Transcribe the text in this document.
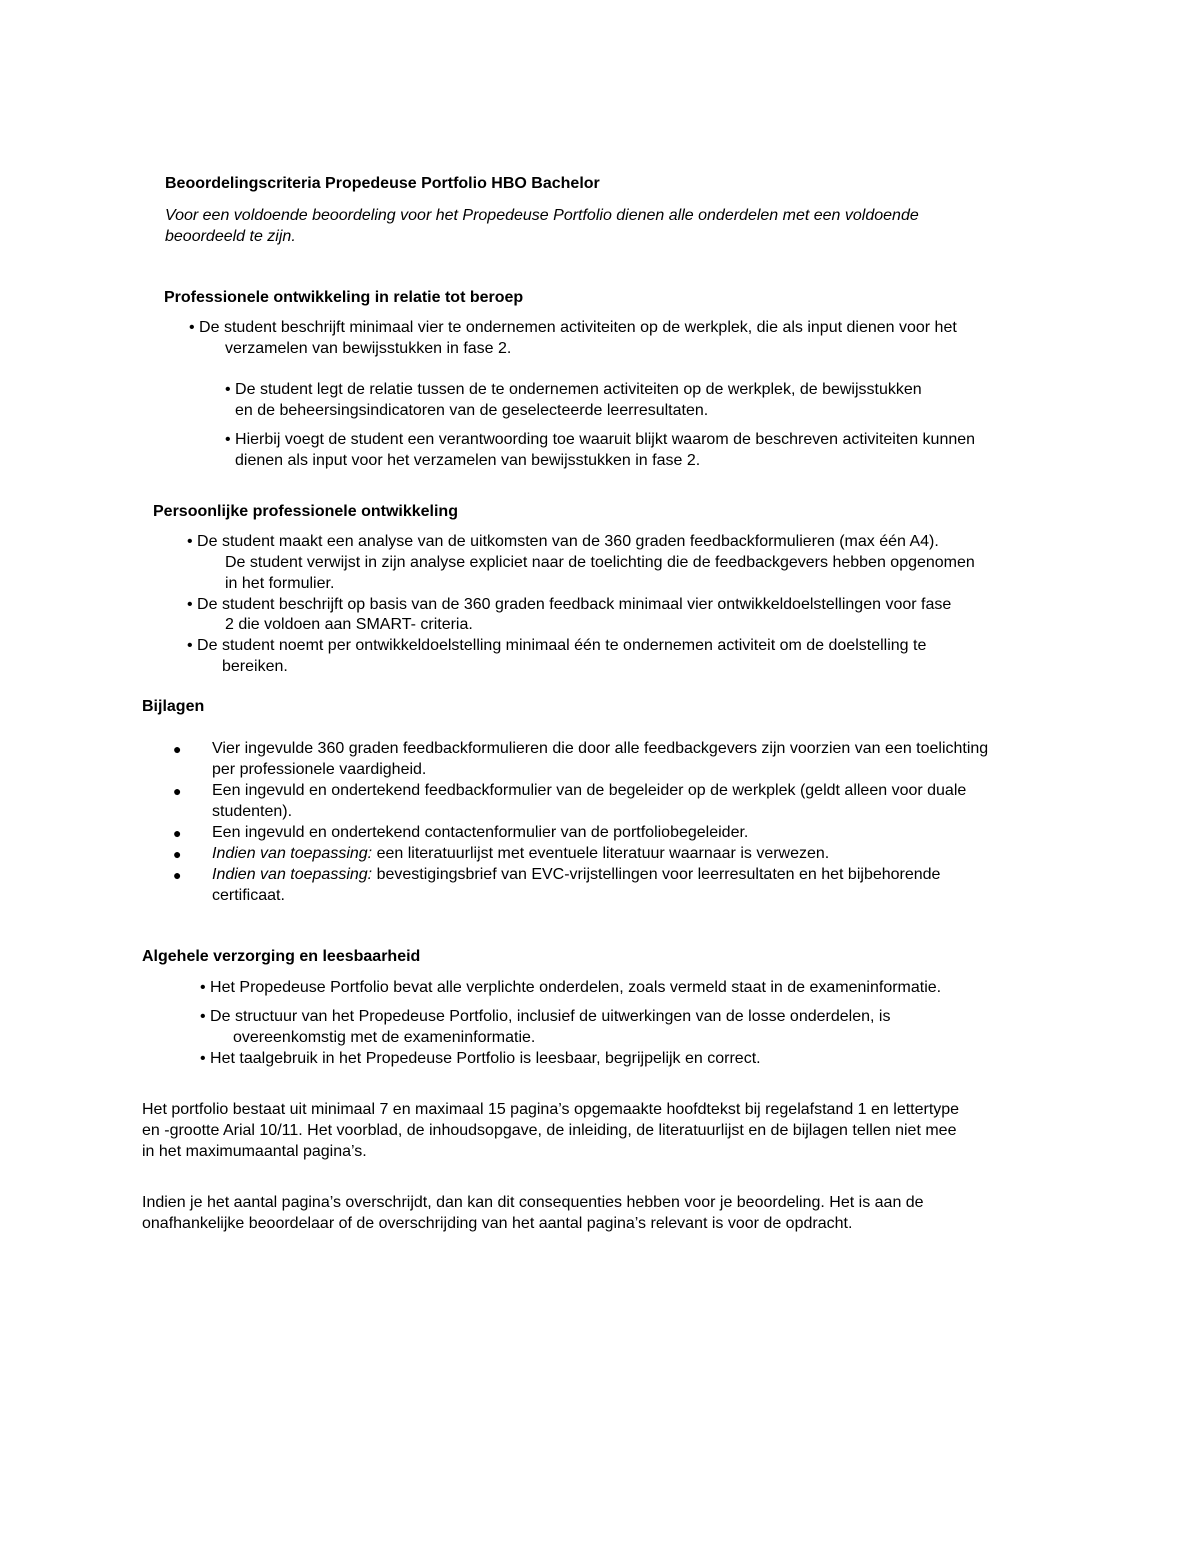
Beoordelingscriteria Propedeuse Portfolio HBO Bachelor
Voor een voldoende beoordeling voor het Propedeuse Portfolio dienen alle onderdelen met een voldoende
beoordeeld te zijn.
Professionele ontwikkeling in relatie tot beroep
• De student beschrijft minimaal vier te ondernemen activiteiten op de werkplek, die als input dienen voor het
verzamelen van bewijsstukken in fase 2.
• De student legt de relatie tussen de te ondernemen activiteiten op de werkplek, de bewijsstukken
en de beheersingsindicatoren van de geselecteerde leerresultaten.
• Hierbij voegt de student een verantwoording toe waaruit blijkt waarom de beschreven activiteiten kunnen
dienen als input voor het verzamelen van bewijsstukken in fase 2.
Persoonlijke professionele ontwikkeling
• De student maakt een analyse van de uitkomsten van de 360 graden feedbackformulieren (max één A4).
De student verwijst in zijn analyse expliciet naar de toelichting die de feedbackgevers hebben opgenomen
in het formulier.
• De student beschrijft op basis van de 360 graden feedback minimaal vier ontwikkeldoelstellingen voor fase
2 die voldoen aan SMART- criteria.
• De student noemt per ontwikkeldoelstelling minimaal één te ondernemen activiteit om de doelstelling te
bereiken.
Bijlagen
● Vier ingevulde 360 graden feedbackformulieren die door alle feedbackgevers zijn voorzien van een toelichting
per professionele vaardigheid.
● Een ingevuld en ondertekend feedbackformulier van de begeleider op de werkplek (geldt alleen voor duale
studenten).
● Een ingevuld en ondertekend contactenformulier van de portfoliobegeleider.
● Indien van toepassing: een literatuurlijst met eventuele literatuur waarnaar is verwezen.
● Indien van toepassing: bevestigingsbrief van EVC-vrijstellingen voor leerresultaten en het bijbehorende
certificaat.
Algehele verzorging en leesbaarheid
• Het Propedeuse Portfolio bevat alle verplichte onderdelen, zoals vermeld staat in de exameninformatie.
• De structuur van het Propedeuse Portfolio, inclusief de uitwerkingen van de losse onderdelen, is
overeenkomstig met de exameninformatie.
• Het taalgebruik in het Propedeuse Portfolio is leesbaar, begrijpelijk en correct.
Het portfolio bestaat uit minimaal 7 en maximaal 15 pagina’s opgemaakte hoofdtekst bij regelafstand 1 en lettertype
en -grootte Arial 10/11. Het voorblad, de inhoudsopgave, de inleiding, de literatuurlijst en de bijlagen tellen niet mee
in het maximumaantal pagina’s.
Indien je het aantal pagina’s overschrijdt, dan kan dit consequenties hebben voor je beoordeling. Het is aan de
onafhankelijke beoordelaar of de overschrijding van het aantal pagina’s relevant is voor de opdracht.
